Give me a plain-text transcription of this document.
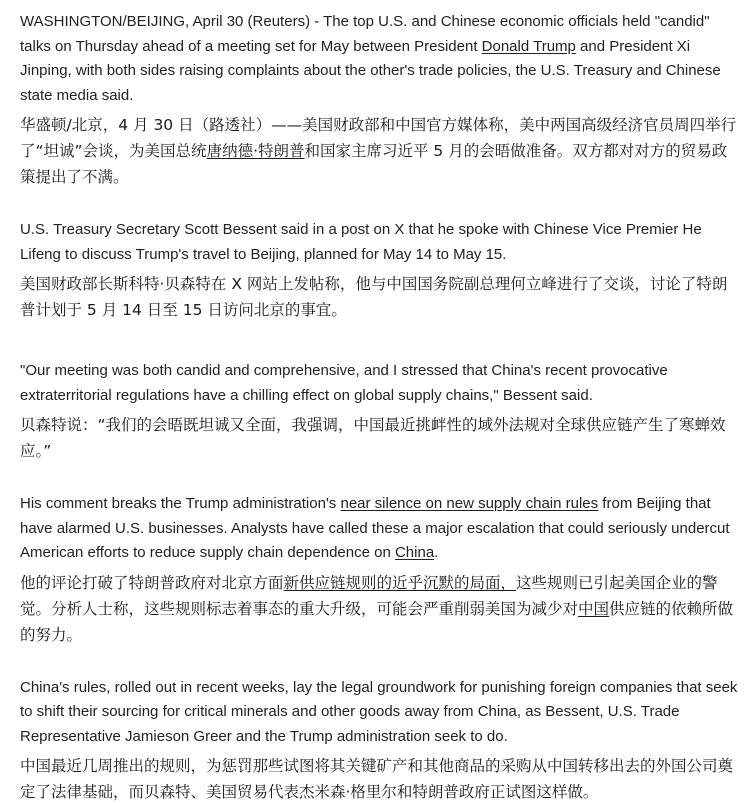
WASHINGTON/BEIJING, April 30 (Reuters) - The top U.S. and Chinese economic officials held "candid" talks on Thursday ahead of a meeting set for May between President Donald Trump and President Xi Jinping, with both sides raising complaints about the other's trade policies, the U.S. Treasury and Chinese state media said.

华盛顿/北京，4 月 30 日（路透社）——美国财政部和中国官方媒体称，美中两国高级经济官员周四举行了“坦诚”会谈，为美国总统唐纳德·特朗普和国家主席习近平 5 月的会晤做准备。双方都对对方的贸易政策提出了不满。

U.S. Treasury Secretary Scott Bessent said in a post on X that he spoke with Chinese Vice Premier He Lifeng to discuss Trump's travel to Beijing, planned for May 14 to May 15.

美国财政部长斯科特·贝森特在 X 网站上发帖称，他与中国国务院副总理何立峰进行了交谈，讨论了特朗普计划于 5 月 14 日至 15 日访问北京的事宜。

"Our meeting was both candid and comprehensive, and I stressed that China's recent provocative extraterritorial regulations have a chilling effect on global supply chains," Bessent said.

贝森特说：“我们的会晤既坦诚又全面，我强调，中国最近挑衅性的域外法规对全球供应链产生了寒蝉效应。”

His comment breaks the Trump administration's near silence on new supply chain rules from Beijing that have alarmed U.S. businesses. Analysts have called these a major escalation that could seriously undercut American efforts to reduce supply chain dependence on China.

他的评论打破了特朗普政府对北京方面新供应链规则的近乎沉默的局面，这些规则已引起美国企业的警觉。分析人士称，这些规则标志着事态的重大升级，可能会严重削弱美国为减少对中国供应链的依赖所做的努力。

China's rules, rolled out in recent weeks, lay the legal groundwork for punishing foreign companies that seek to shift their sourcing for critical minerals and other goods away from China, as Bessent, U.S. Trade Representative Jamieson Greer and the Trump administration seek to do.

中国最近几周推出的规则，为惩罚那些试图将其关键矿产和其他商品的采购从中国转移出去的外国公司奠定了法律基础，而贝森特、美国贸易代表杰米森·格里尔和特朗普政府正试图这样做。
